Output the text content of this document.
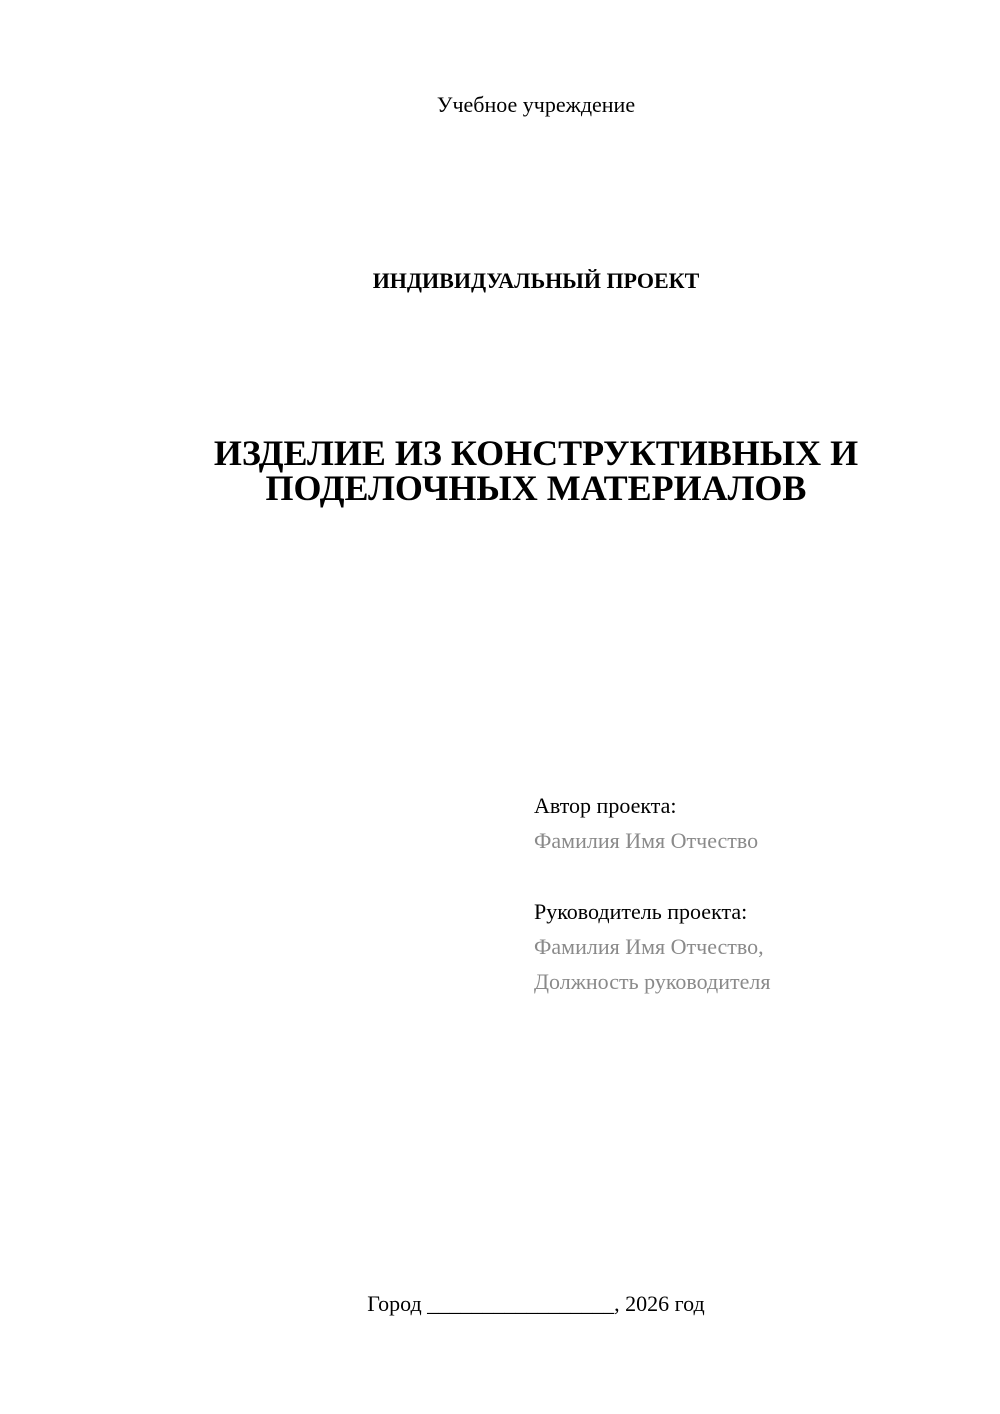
Учебное учреждение
ИНДИВИДУАЛЬНЫЙ ПРОЕКТ
ИЗДЕЛИЕ ИЗ КОНСТРУКТИВНЫХ И
ПОДЕЛОЧНЫХ МАТЕРИАЛОВ
Автор проекта:
Фамилия Имя Отчество
Руководитель проекта:
Фамилия Имя Отчество,
Должность руководителя
Город _________________, 2026 год
